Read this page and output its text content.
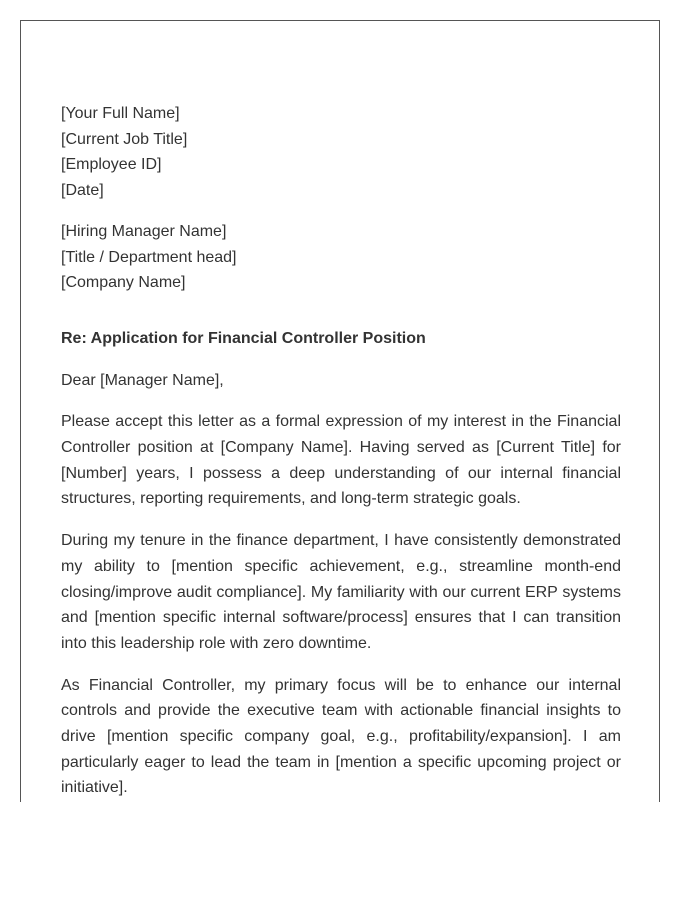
[Your Full Name]
[Current Job Title]
[Employee ID]
[Date]
[Hiring Manager Name]
[Title / Department head]
[Company Name]
Re: Application for Financial Controller Position
Dear [Manager Name],

Please accept this letter as a formal expression of my interest in the Financial Controller position at [Company Name]. Having served as [Current Title] for [Number] years, I possess a deep understanding of our internal financial structures, reporting requirements, and long-term strategic goals.

During my tenure in the finance department, I have consistently demonstrated my ability to [mention specific achievement, e.g., streamline month-end closing/improve audit compliance]. My familiarity with our current ERP systems and [mention specific internal software/process] ensures that I can transition into this leadership role with zero downtime.

As Financial Controller, my primary focus will be to enhance our internal controls and provide the executive team with actionable financial insights to drive [mention specific company goal, e.g., profitability/expansion]. I am particularly eager to lead the team in [mention a specific upcoming project or initiative].
